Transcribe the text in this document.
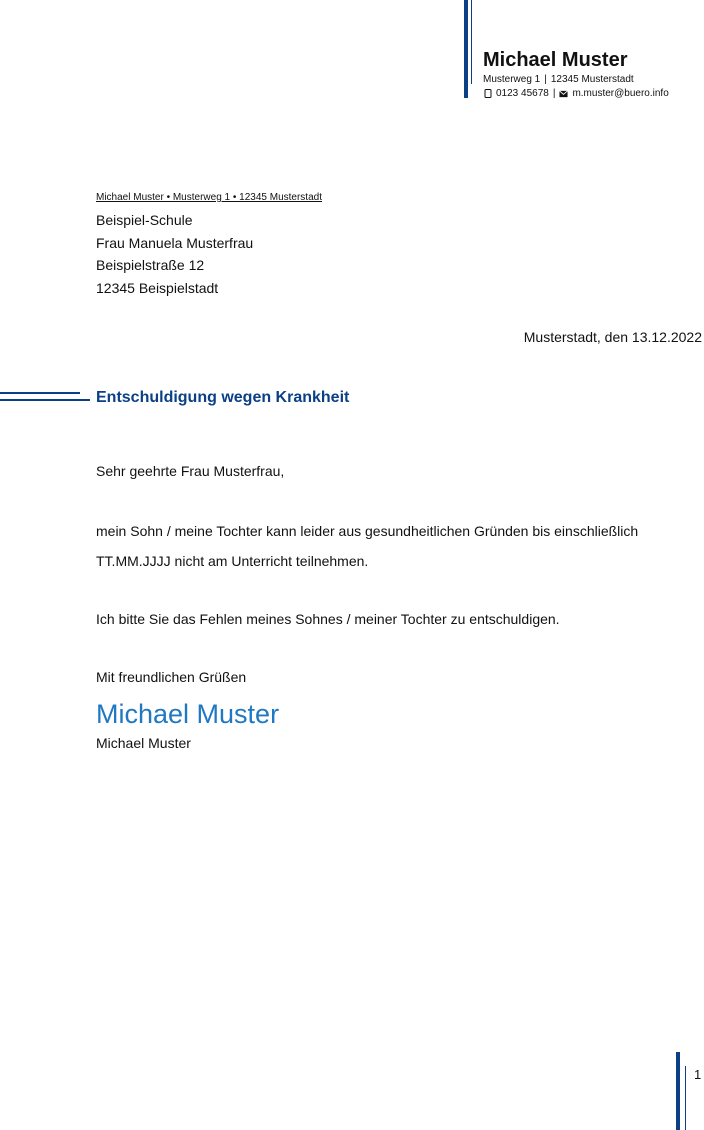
Michael Muster
Musterweg 1 | 12345 Musterstadt
0123 45678 | m.muster@buero.info
Michael Muster • Musterweg 1 • 12345 Musterstadt
Beispiel-Schule
Frau Manuela Musterfrau
Beispielstraße 12
12345 Beispielstadt
Musterstadt, den 13.12.2022
Entschuldigung wegen Krankheit
Sehr geehrte Frau Musterfrau,
mein Sohn / meine Tochter kann leider aus gesundheitlichen Gründen bis einschließlich
TT.MM.JJJJ nicht am Unterricht teilnehmen.
Ich bitte Sie das Fehlen meines Sohnes / meiner Tochter zu entschuldigen.
Mit freundlichen Grüßen
Michael Muster
Michael Muster
1
